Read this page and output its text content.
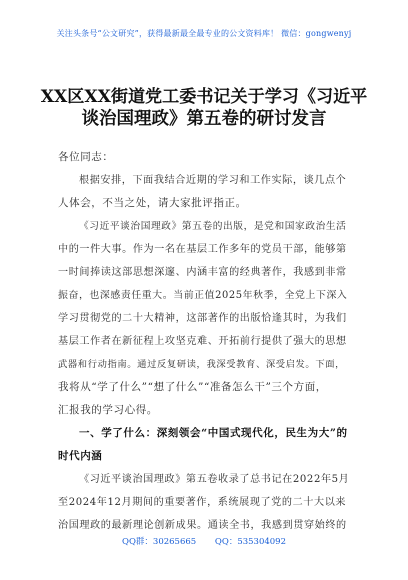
关注头条号“公文研究”，获得最新最全最专业的公文资料库！ 微信：gongwenyj
XX区XX街道党工委书记关于学习《习近平
谈治国理政》第五卷的研讨发言
各位同志：
根据安排，下面我结合近期的学习和工作实际，谈几点个
人体会，不当之处，请大家批评指正。
《习近平谈治国理政》第五卷的出版，是党和国家政治生活
中的一件大事。作为一名在基层工作多年的党员干部，能够第
一时间捧读这部思想深邃、内涵丰富的经典著作，我感到非常
振奋，也深感责任重大。当前正值2025年秋季，全党上下深入
学习贯彻党的二十大精神，这部著作的出版恰逢其时，为我们
基层工作者在新征程上攻坚克难、开拓前行提供了强大的思想
武器和行动指南。通过反复研读，我深受教育、深受启发。下面，
我将从“学了什么”“想了什么”“准备怎么干”三个方面，
汇报我的学习心得。
一、学了什么：深刻领会“中国式现代化，民生为大”的
时代内涵
《习近平谈治国理政》第五卷收录了总书记在2022年5月
至2024年12月期间的重要著作，系统展现了党的二十大以来
治国理政的最新理论创新成果。通读全书，我感到贯穿始终的
QQ群：30265665 QQ：535304092
